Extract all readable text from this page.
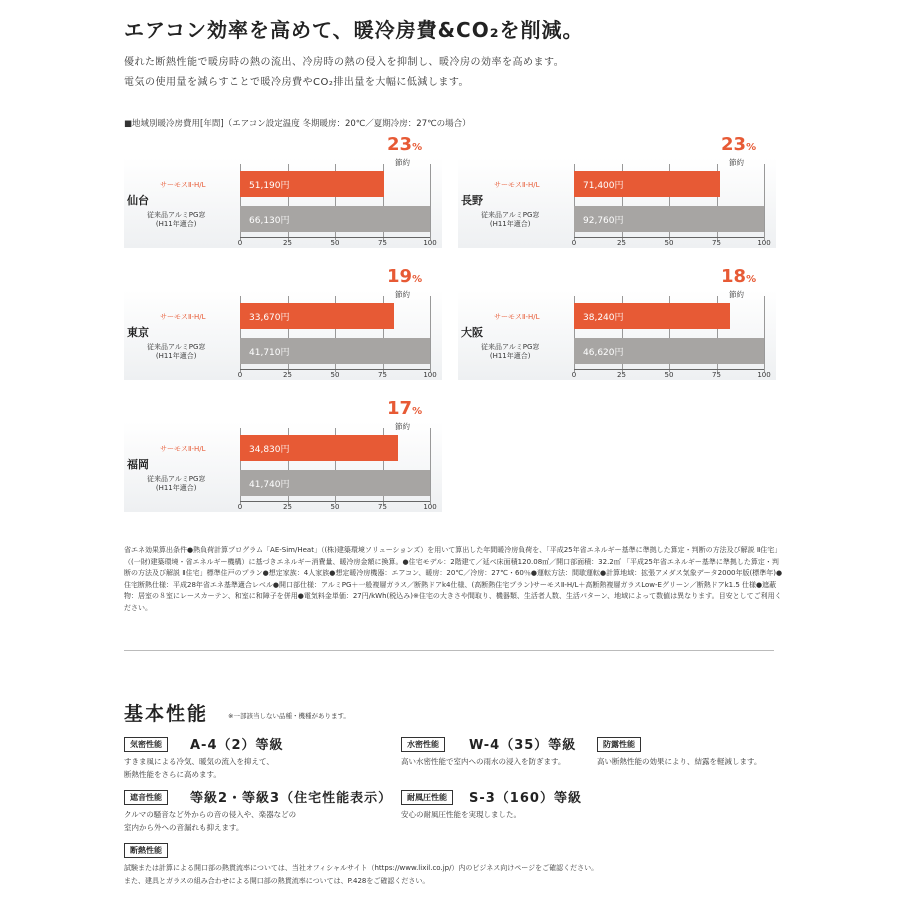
エアコン効率を高めて、暖冷房費&CO₂を削減。
優れた断熱性能で暖房時の熱の流出、冷房時の熱の侵入を抑制し、暖冷房の効率を高めます。
電気の使用量を減らすことで暖冷房費やCO₂排出量を大幅に低減します。
■地域別暖冷房費用[年間]（エアコン設定温度 冬期暖房：20℃／夏期冷房：27℃の場合）
仙台
サーモスⅡ-H/L
従来品アルミPG窓
(H11年適合)
51,190円
66,130円
0	25	50	75	100
23%
節約
長野
サーモスⅡ-H/L
従来品アルミPG窓
(H11年適合)
71,400円
92,760円
0	25	50	75	100
23%
節約
東京
サーモスⅡ-H/L
従来品アルミPG窓
(H11年適合)
33,670円
41,710円
0	25	50	75	100
19%
節約
大阪
サーモスⅡ-H/L
従来品アルミPG窓
(H11年適合)
38,240円
46,620円
0	25	50	75	100
18%
節約
福岡
サーモスⅡ-H/L
従来品アルミPG窓
(H11年適合)
34,830円
41,740円
0	25	50	75	100
17%
節約
省エネ効果算出条件●熱負荷計算プログラム「AE-Sim/Heat」（(株)建築環境ソリューションズ）を用いて算出した年間暖冷房負荷を、「平成25年省エネルギー基準に準拠した算定・判断の方法及び解説 Ⅱ住宅」（(一財)建築環境・省エネルギー機構）に基づきエネルギー消費量、暖冷房金額に換算。●住宅モデル：2階建て／延べ床面積120.08㎡／開口部面積：32.2㎡ 「平成25年省エネルギー基準に準拠した算定・判断の方法及び解説 Ⅱ住宅」標準住戸のプラン●想定家族：4人家族●想定暖冷房機器：エアコン、暖房：20℃／冷房：27℃・60％●運転方法：間歇運転●計算地域：拡張アメダス気象データ2000年版(標準年)●住宅断熱仕様：平成28年省エネ基準適合レベル●開口部仕様：アルミPG＋一般複層ガラス／断熱ドアk4仕様、(高断熱住宅プラン)サーモスⅡ-H/L＋高断熱複層ガラスLow-Eグリーン／断熱ドアk1.5 仕様●遮蔽物：居室の８室にレースカーテン、和室に和障子を併用●電気料金単価：27円/kWh(税込み)※住宅の大きさや間取り、機器類、生活者人数、生活パターン、地域によって数値は異なります。目安としてご利用ください。
基本性能	※一部該当しない品種・機種があります。
気密性能	A-4（2）等級
すきま風による冷気、暖気の流入を抑えて、
断熱性能をさらに高めます。
水密性能	W-4（35）等級
高い水密性能で室内への雨水の浸入を防ぎます。
防露性能
高い断熱性能の効果により、結露を軽減します。
遮音性能	等級2・等級3（住宅性能表示）
クルマの騒音など外からの音の侵入や、楽器などの
室内から外への音漏れも抑えます。
耐風圧性能	S-3（160）等級
安心の耐風圧性能を実現しました。
断熱性能
試験または計算による開口部の熱貫流率については、当社オフィシャルサイト（https://www.lixil.co.jp/）内のビジネス向けページをご確認ください。
また、建具とガラスの組み合わせによる開口部の熱貫流率については、P.428をご確認ください。
